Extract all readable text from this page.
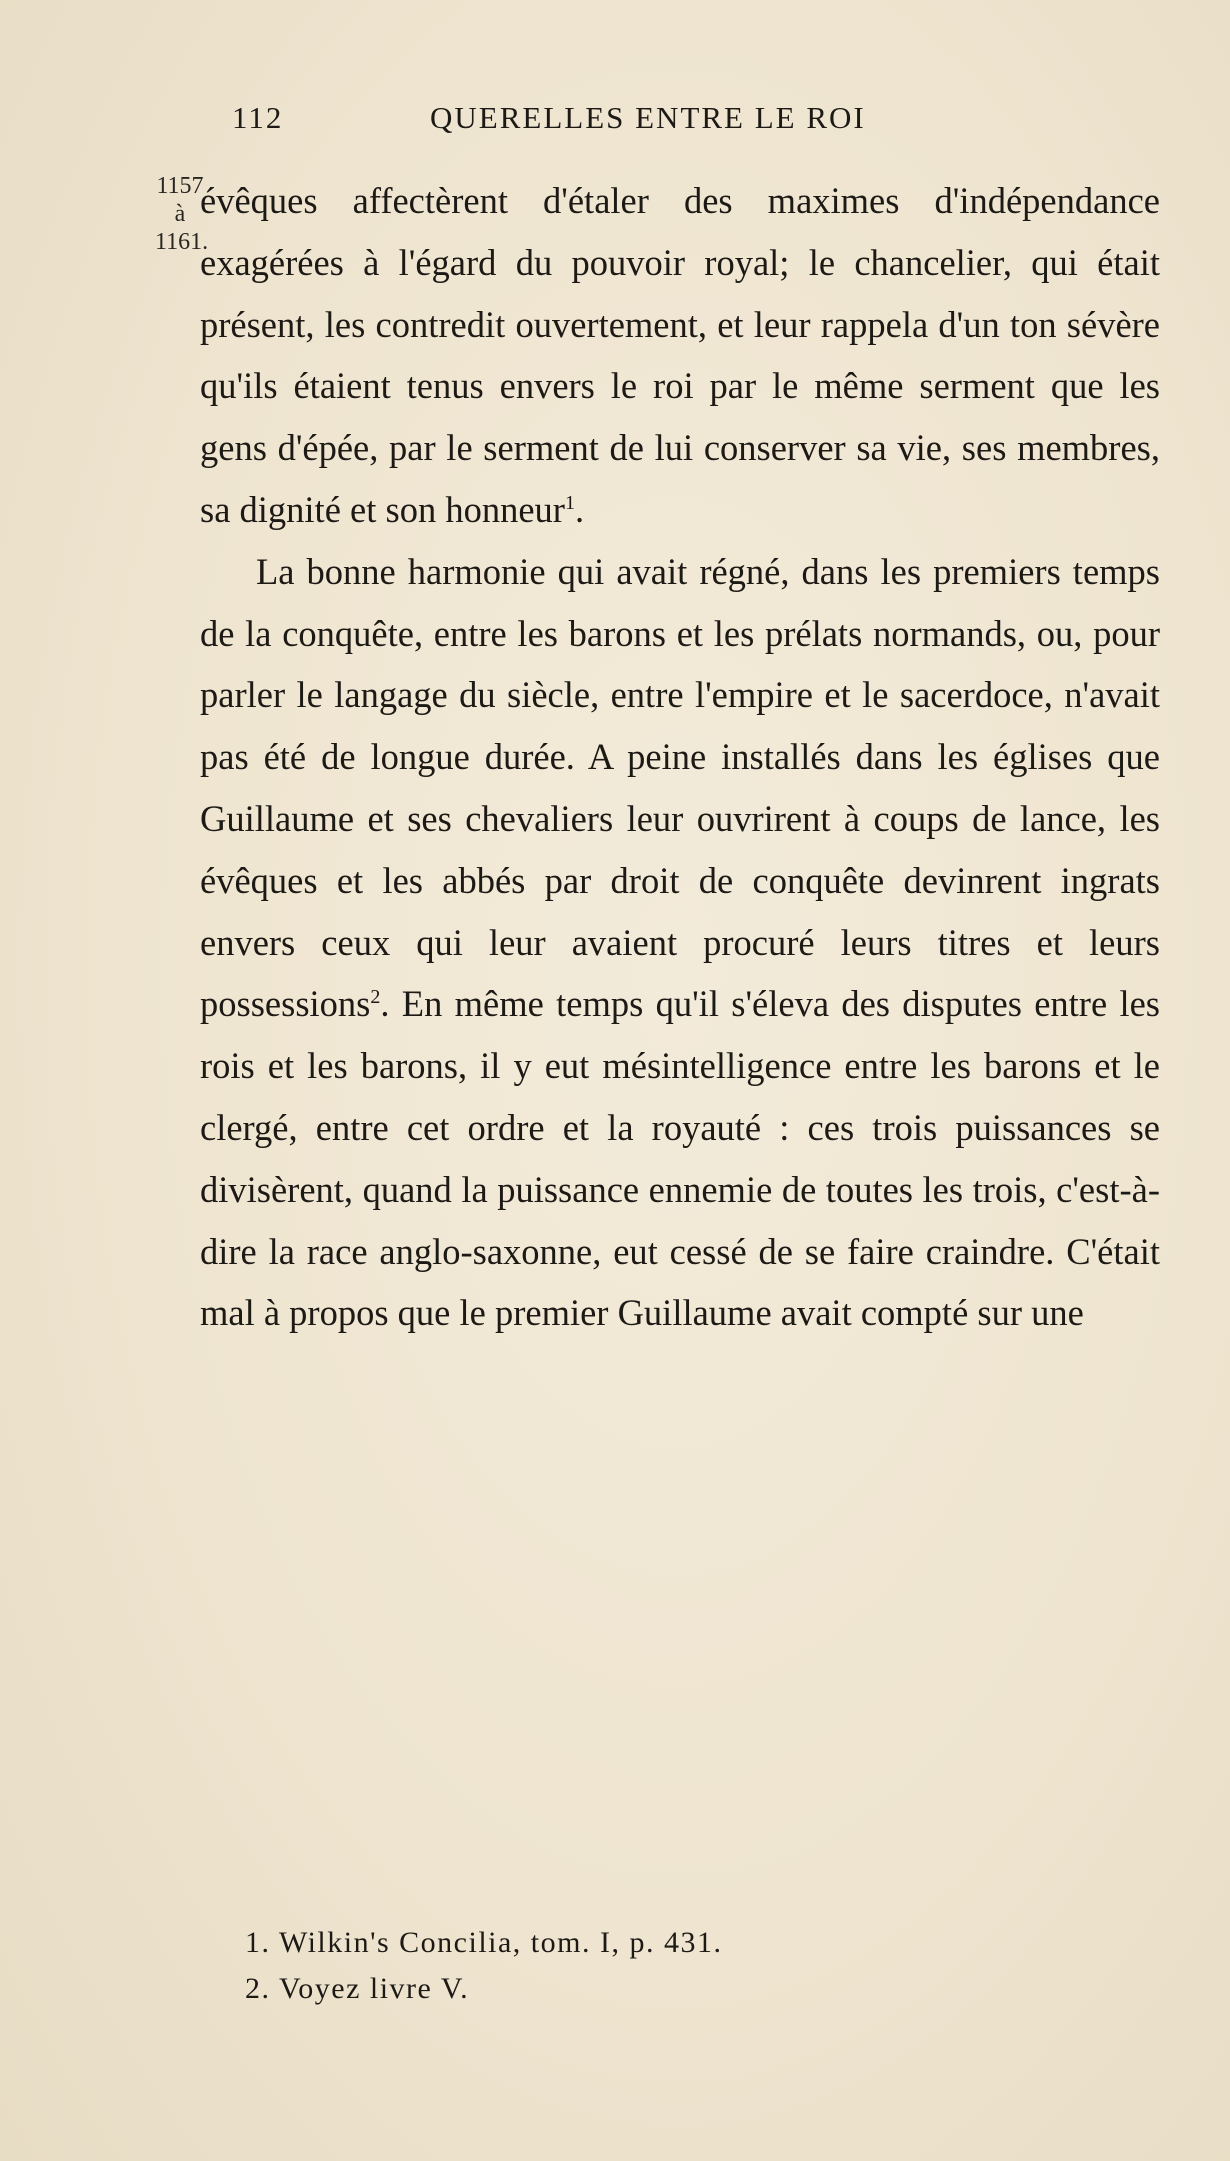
112	QUERELLES ENTRE LE ROI
1157
à
1161.

évêques affectèrent d'étaler des maximes d'indépendance exagérées à l'égard du pouvoir royal; le chancelier, qui était présent, les contredit ouvertement, et leur rappela d'un ton sévère qu'ils étaient tenus envers le roi par le même serment que les gens d'épée, par le serment de lui conserver sa vie, ses membres, sa dignité et son honneur$^1$.

La bonne harmonie qui avait régné, dans les premiers temps de la conquête, entre les barons et les prélats normands, ou, pour parler le langage du siècle, entre l'empire et le sacerdoce, n'avait pas été de longue durée. A peine installés dans les églises que Guillaume et ses chevaliers leur ouvrirent à coups de lance, les évêques et les abbés par droit de conquête devinrent ingrats envers ceux qui leur avaient procuré leurs titres et leurs possessions$^2$. En même temps qu'il s'éleva des disputes entre les rois et les barons, il y eut mésintelligence entre les barons et le clergé, entre cet ordre et la royauté : ces trois puissances se divisèrent, quand la puissance ennemie de toutes les trois, c'est-à-dire la race anglo-saxonne, eut cessé de se faire craindre. C'était mal à propos que le premier Guillaume avait compté sur une

1. Wilkin's Concilia, tom. I, p. 431.
2. Voyez livre V.
